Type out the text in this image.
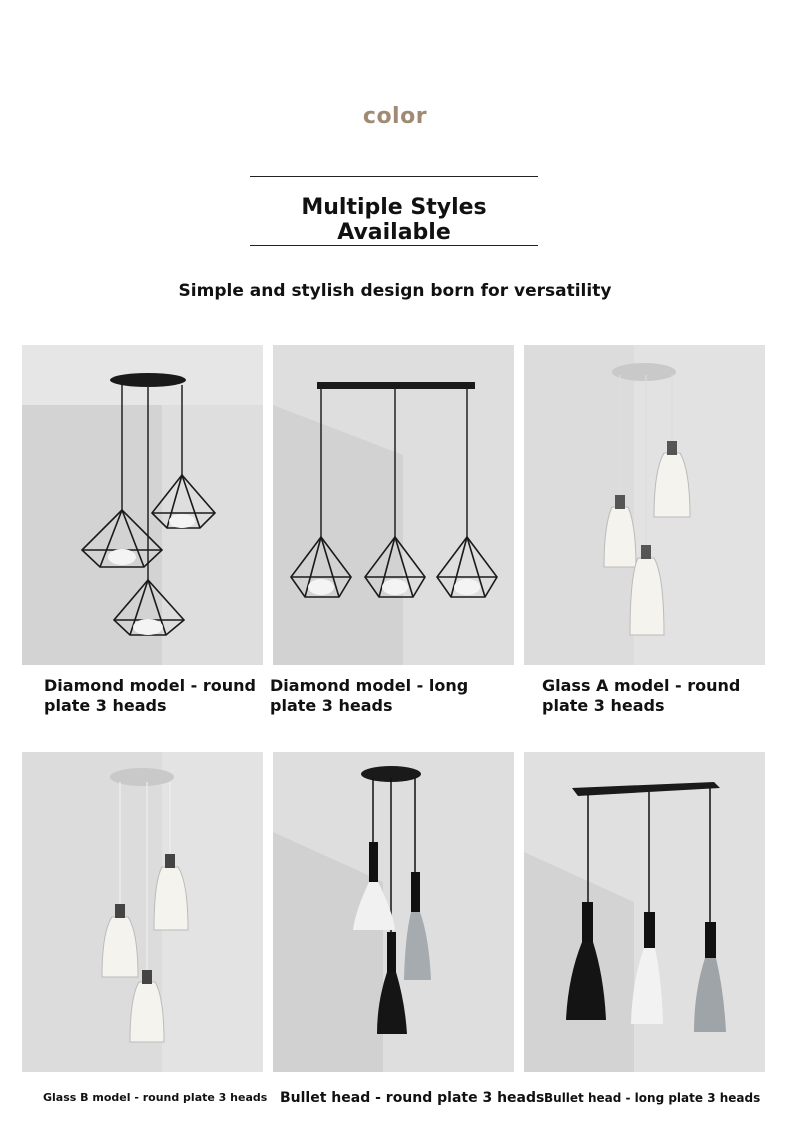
color
Multiple Styles Available
Simple and stylish design born for versatility
Diamond model - round plate 3 heads
Diamond model - long plate 3 heads
Glass A model - round plate 3 heads
Glass B model - round plate 3 heads Bullet head - round plate 3 heads Bullet head - long plate 3 heads
